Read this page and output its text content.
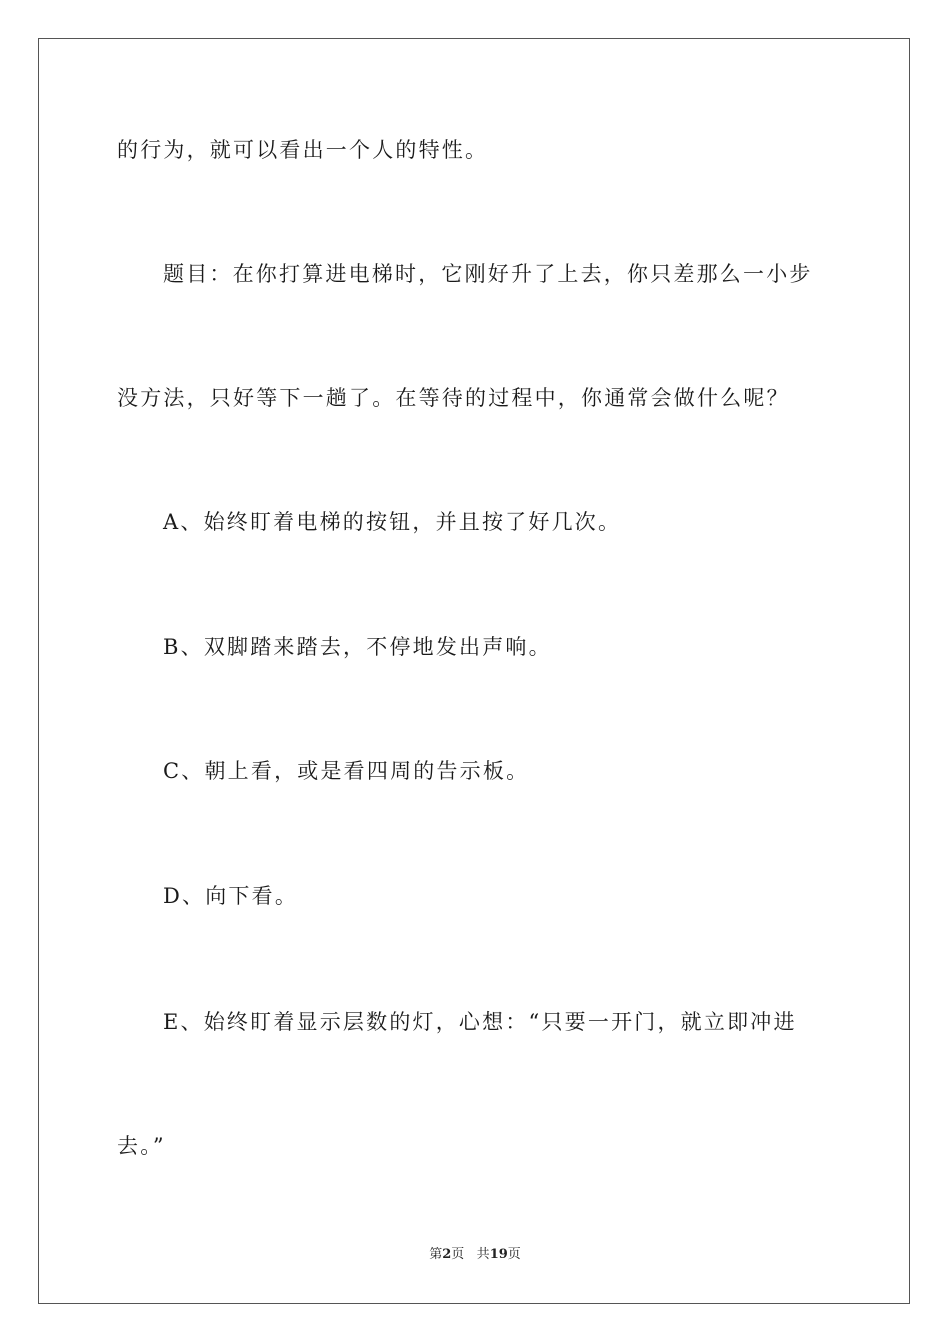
的行为，就可以看出一个人的特性。
题目：在你打算进电梯时，它刚好升了上去，你只差那么一小步
没方法，只好等下一趟了。在等待的过程中，你通常会做什么呢？
A、始终盯着电梯的按钮，并且按了好几次。
B、双脚踏来踏去，不停地发出声响。
C、朝上看，或是看四周的告示板。
D、向下看。
E、始终盯着显示层数的灯，心想：“只要一开门，就立即冲进
去。”
第2页 共19页
